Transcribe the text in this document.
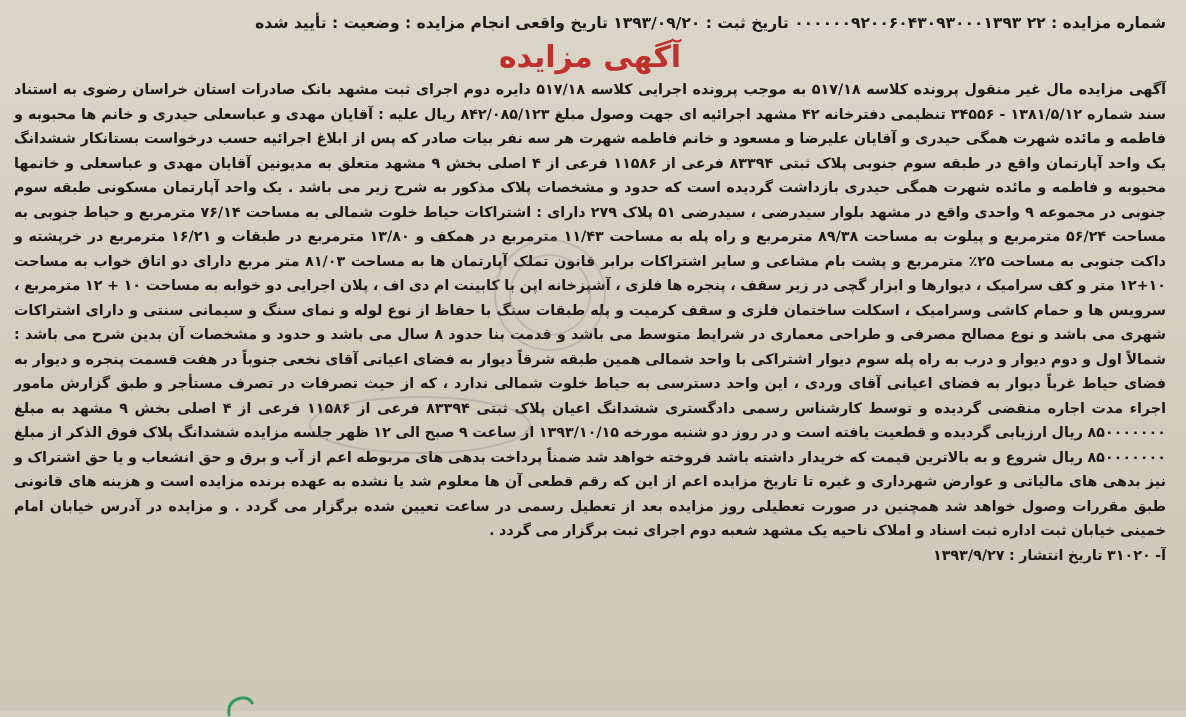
شماره مزایده : ۲۲ ۰۰۰۰۰۰۹۲۰۰۶۰۴۳۰۹۳۰۰۰۱۳۹۳ تاریخ ثبت : ۱۳۹۳/۰۹/۲۰ تاریخ واقعی انجام مزایده : وضعیت : تأیید شده
آگهی مزایده
آگهی مزایده مال غیر منقول پرونده کلاسه ۵۱۷/۱۸ به موجب پرونده اجرایی کلاسه ۵۱۷/۱۸ دایره دوم اجرای ثبت مشهد بانک صادرات استان خراسان رضوی به استناد سند شماره ۱۳۸۱/۵/۱۲ - ۳۴۵۵۶ تنظیمی دفترخانه ۴۲ مشهد اجرائیه ای جهت وصول مبلغ ۸۴۲/۰۸۵/۱۲۳ ریال علیه : آقایان مهدی و عباسعلی حیدری و خانم ها محبوبه و فاطمه و مائده شهرت همگی حیدری و آقایان علیرضا و مسعود و خانم فاطمه شهرت هر سه نفر بیات صادر که پس از ابلاغ اجرائیه حسب درخواست بستانکار ششدانگ یک واحد آپارتمان واقع در طبقه سوم جنوبی پلاک ثبتی ۸۳۳۹۴ فرعی از ۱۱۵۸۶ فرعی از ۴ اصلی بخش ۹ مشهد متعلق به مدیونین آقایان مهدی و عباسعلی و خانمها محبوبه و فاطمه و مائده شهرت همگی حیدری بازداشت گردیده است که حدود و مشخصات پلاک مذکور به شرح زیر می باشد . یک واحد آپارتمان مسکونی طبقه سوم جنوبی در مجموعه ۹ واحدی واقع در مشهد بلوار سیدرضی ، سیدرضی ۵۱ پلاک ۲۷۹ دارای : اشتراکات حیاط خلوت شمالی به مساحت ۷۶/۱۴ مترمربع و حیاط جنوبی به مساحت ۵۶/۲۴ مترمربع و پیلوت به مساحت ۸۹/۳۸ مترمربع و راه پله به مساحت ۱۱/۴۳ مترمربع در همکف و ۱۳/۸۰ مترمربع در طبقات و ۱۶/۲۱ مترمربع در خرپشته و داکت جنوبی به مساحت ۲۵٪ مترمربع و پشت بام مشاعی و سایر اشتراکات برابر قانون تملک آپارتمان ها به مساحت ۸۱/۰۳ متر مربع دارای دو اتاق خواب به مساحت ۱۰+۱۲ متر و کف سرامیک ، دیوارها و ابزار گچی در زیر سقف ، پنجره ها فلزی ، آشپزخانه اپن با کابینت ام دی اف ، پلان اجرایی دو خوابه به مساحت ۱۰ + ۱۲ مترمربع ، سرویس ها و حمام کاشی وسرامیک ، اسکلت ساختمان فلزی و سقف کرمیت و پله طبقات سنگ با حفاظ از نوع لوله و نمای سنگ و سیمانی سنتی و دارای اشتراکات شهری می باشد و نوع مصالح مصرفی و طراحی معماری در شرایط متوسط می باشد و قدمت بنا حدود ۸ سال می باشد و حدود و مشخصات آن بدین شرح می باشد : شمالاً اول و دوم دیوار و درب به راه پله سوم دیوار اشتراکی با واحد شمالی همین طبقه شرقاً دیوار به فضای اعیانی آقای نخعی جنوباً در هفت قسمت پنجره و دیوار به فضای حیاط غرباً دیوار به فضای اعیانی آقای وردی ، این واحد دسترسی به حیاط خلوت شمالی ندارد ، که از حیث تصرفات در تصرف مستأجر و طبق گزارش مامور اجراء مدت اجاره منقضی گردیده و توسط کارشناس رسمی دادگستری ششدانگ اعیان پلاک ثبتی ۸۳۳۹۴ فرعی از ۱۱۵۸۶ فرعی از ۴ اصلی بخش ۹ مشهد به مبلغ ۸۵۰۰۰۰۰۰۰ ریال ارزیابی گردیده و قطعیت یافته است و در روز دو شنبه مورخه ۱۳۹۳/۱۰/۱۵ از ساعت ۹ صبح الی ۱۲ ظهر جلسه مزایده ششدانگ پلاک فوق الذکر از مبلغ ۸۵۰۰۰۰۰۰۰ ریال شروع و به بالاترین قیمت که خریدار داشته باشد فروخته خواهد شد ضمناً پرداخت بدهی های مربوطه اعم از آب و برق و حق انشعاب و یا حق اشتراک و نیز بدهی های مالیاتی و عوارض شهرداری و غیره تا تاریخ مزایده اعم از این که رقم قطعی آن ها معلوم شد یا نشده به عهده برنده مزایده است و هزینه های قانونی طبق مقررات وصول خواهد شد همچنین در صورت تعطیلی روز مزایده بعد از تعطیل رسمی در ساعت تعیین شده برگزار می گردد . و مزایده در آدرس خیابان امام خمینی خیابان ثبت اداره ثبت اسناد و املاک ناحیه یک مشهد شعبه دوم اجرای ثبت برگزار می گردد .
آ- ۳۱۰۲۰ تاریخ انتشار : ۱۳۹۳/۹/۲۷
